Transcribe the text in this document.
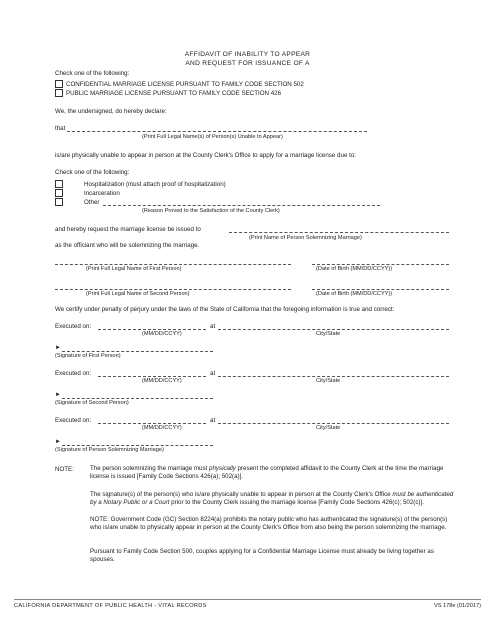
AFFIDAVIT OF INABILITY TO APPEAR
AND REQUEST FOR ISSUANCE OF A
Check one of the following:
CONFIDENTIAL MARRIAGE LICENSE PURSUANT TO FAMILY CODE SECTION 502
PUBLIC MARRIAGE LICENSE PURSUANT TO FAMILY CODE SECTION 426
We, the undersigned, do hereby declare:
that
(Print Full Legal Name(s) of Person(s) Unable to Appear)
is/are physically unable to appear in person at the County Clerk's Office to apply for a marriage license due to:
Check one of the following:
Hospitalization (must attach proof of hospitalization)
Incarceration
Other
(Reason Proved to the Satisfaction of the County Clerk)
and hereby request the marriage license be issued to
(Print Name of Person Solemnizing Marriage)
as the officiant who will be solemnizing the marriage.
(Print Full Legal Name of First Person)	(Date of Birth (MM/DD/CCYY))
(Print Full Legal Name of Second Person)	(Date of Birth (MM/DD/CCYY))
We certify under penalty of perjury under the laws of the State of California that the foregoing information is true and correct:
Executed on:	at
(MM/DD/CCYY)	City/State
►
(Signature of First Person)
Executed on:	at
(MM/DD/CCYY)	City/State
►
(Signature of Second Person)
Executed on:	at
(MM/DD/CCYY)	City/State
►
(Signature of Person Solemnizing Marriage)
NOTE:	The person solemnizing the marriage must physically present the completed affidavit to the County Clerk at the time the marriage license is issued [Family Code Sections 426(a); 502(a)].
The signature(s) of the person(s) who is/are physically unable to appear in person at the County Clerk's Office must be authenticated by a Notary Public or a Court prior to the County Clerk issuing the marriage license [Family Code Sections 426(c); 502(c)].
NOTE: Government Code (GC) Section 8224(a) prohibits the notary public who has authenticated the signature(s) of the person(s) who is/are unable to physically appear in person at the County Clerk's Office from also being the person solemnizing the marriage.
Pursuant to Family Code Section 500, couples applying for a Confidential Marriage License must already be living together as spouses.
CALIFORNIA DEPARTMENT OF PUBLIC HEALTH - VITAL RECORDS	VS 178e (01/2017)
